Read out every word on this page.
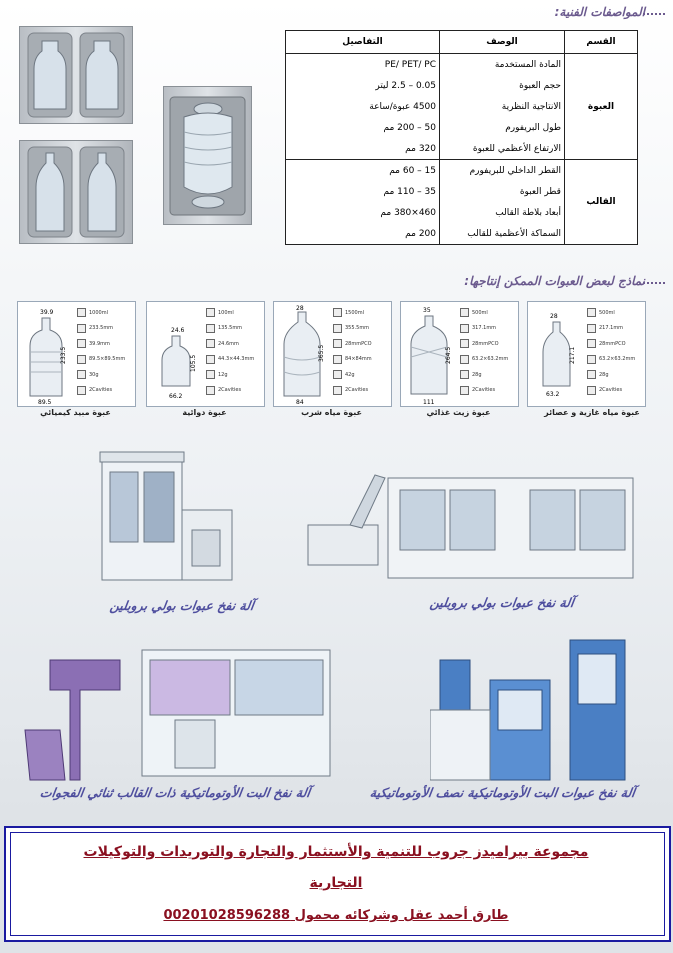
المواصفات الفنية:
القسم	الوصف	التفاصيل
العبوة	المادة المستخدمة	PE/ PET/ PC
	حجم العبوة	0.05 – 2.5 ليتر
	الانتاجية النظرية	4500 عبوة/ساعة
	طول البريفورم	50 – 200 مم
	الارتفاع الأعظمي للعبوة	320 مم
القالب	القطر الداخلي للبريفورم	15 – 60 مم
	قطر العبوة	35 – 110 مم
	أبعاد بلاطة القالب	460×380 مم
	السماكة الأعظمية للقالب	200 مم
نماذج لبعض العبوات الممكن إنتاجها:
39.9
233.5
89.5
1000ml
233.5mm
39.9mm
89.5×89.5mm
30g
2Cavities
عبوة مبيد كيميائي
24.6
105.5
66.2
100ml
135.5mm
24.6mm
44.3×44.3mm
12g
2Cavities
عبوة دوائية
28
365.5
84
1500ml
355.5mm
28mmPCO
84×84mm
42g
2Cavities
عبوة مياه شرب
35
264.5
111
500ml
317.1mm
28mmPCO
63.2×63.2mm
28g
2Cavities
عبوة زيت غذائي
28
217.1
63.2
500ml
217.1mm
28mmPCO
63.2×63.2mm
28g
2Cavities
عبوة مياه غازية و عصائر
آلة نفخ عبوات بولي بروبلين	آلة نفخ عبوات بولي بروبلين
آلة نفخ البت الأوتوماتيكية ذات القالب ثنائي الفجوات	آلة نفخ عبوات البت الأوتوماتيكية نصف الأوتوماتيكية
مجموعة بيراميدز جروب للتنمية والأستثمار والتجارة والتوريدات والتوكيلات
التجارية
طارق أحمد عقل وشركائه محمول 00201028596288
